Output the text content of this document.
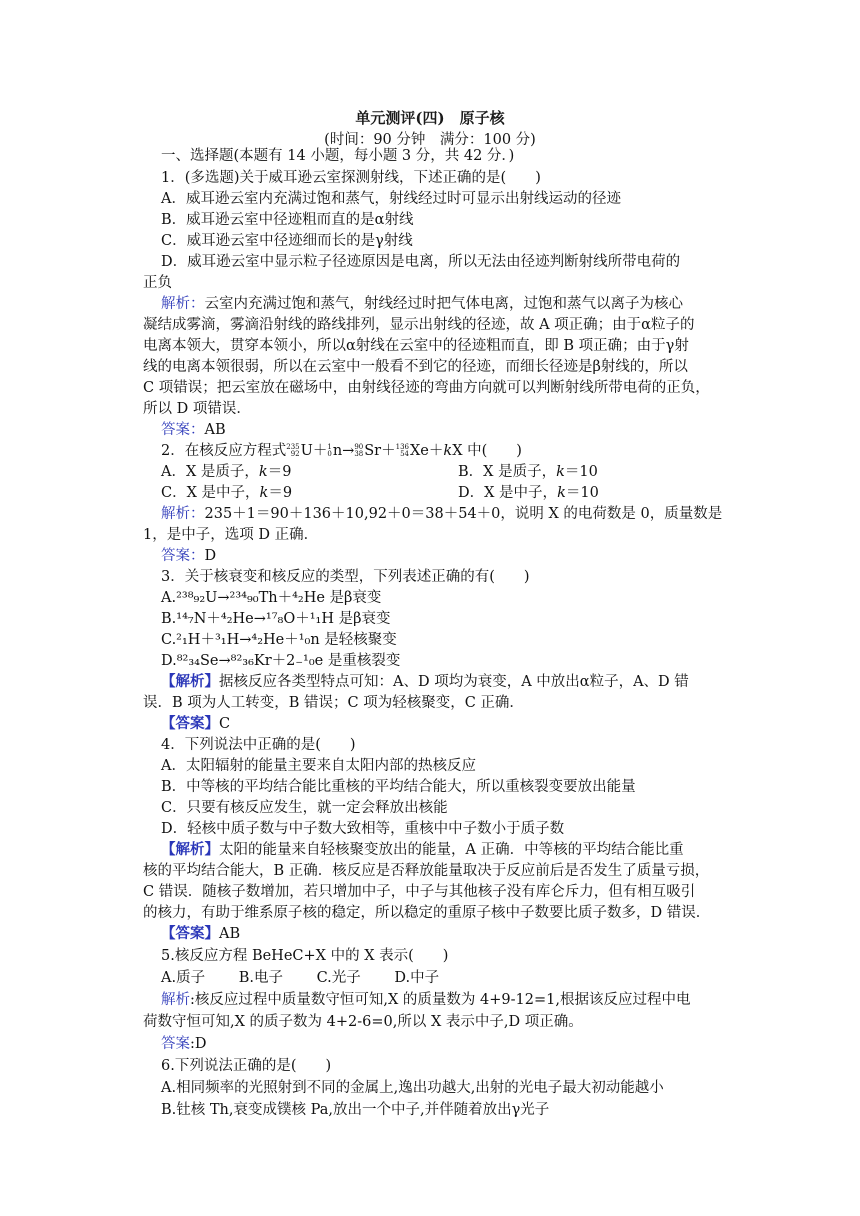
单元测评(四)　原子核
(时间：90 分钟　满分：100 分)
一、选择题(本题有 14 小题，每小题 3 分，共 42 分．)
1．(多选题)关于威耳逊云室探测射线，下述正确的是(　　)
A．威耳逊云室内充满过饱和蒸气，射线经过时可显示出射线运动的径迹
B．威耳逊云室中径迹粗而直的是α射线
C．威耳逊云室中径迹细而长的是γ射线
D．威耳逊云室中显示粒子径迹原因是电离，所以无法由径迹判断射线所带电荷的
正负
解析：云室内充满过饱和蒸气，射线经过时把气体电离，过饱和蒸气以离子为核心
凝结成雾滴，雾滴沿射线的路线排列，显示出射线的径迹，故 A 项正确；由于α粒子的
电离本领大，贯穿本领小，所以α射线在云室中的径迹粗而直，即 B 项正确；由于γ射
线的电离本领很弱，所以在云室中一般看不到它的径迹，而细长径迹是β射线的，所以
C 项错误；把云室放在磁场中，由射线径迹的弯曲方向就可以判断射线所带电荷的正负，
所以 D 项错误．
答案：AB
2．在核反应方程式 235
92 U＋ 1
0 n→ 90
38 Sr＋ 136
54 Xe＋kX 中(　　)
A．X 是质子，k＝9	B．X 是质子，k＝10
C．X 是中子，k＝9	D．X 是中子，k＝10
解析：235＋1＝90＋136＋10,92＋0＝38＋54＋0，说明 X 的电荷数是 0，质量数是
1，是中子，选项 D 正确．
答案：D
3．关于核衰变和核反应的类型，下列表述正确的有(　　)
A.²³⁸₉₂U→²³⁴₉₀Th＋⁴₂He 是β衰变
B.¹⁴₇N＋⁴₂He→¹⁷₈O＋¹₁H 是β衰变
C.²₁H＋³₁H→⁴₂He＋¹₀n 是轻核聚变
D.⁸²₃₄Se→⁸²₃₆Kr＋2₋¹₀e 是重核裂变
【解析】据核反应各类型特点可知：A、D 项均为衰变，A 中放出α粒子，A、D 错
误．B 项为人工转变，B 错误；C 项为轻核聚变，C 正确．
【答案】C
4．下列说法中正确的是(　　)
A．太阳辐射的能量主要来自太阳内部的热核反应
B．中等核的平均结合能比重核的平均结合能大，所以重核裂变要放出能量
C．只要有核反应发生，就一定会释放出核能
D．轻核中质子数与中子数大致相等，重核中中子数小于质子数
【解析】太阳的能量来自轻核聚变放出的能量，A 正确．中等核的平均结合能比重
核的平均结合能大，B 正确．核反应是否释放能量取决于反应前后是否发生了质量亏损，
C 错误．随核子数增加，若只增加中子，中子与其他核子没有库仑斥力，但有相互吸引
的核力，有助于维系原子核的稳定，所以稳定的重原子核中子数要比质子数多，D 错误．
【答案】AB
5.核反应方程 BeHeC+X 中的 X 表示(　　)
A.质子　　 B.电子　　 C.光子　　 D.中子
解析:核反应过程中质量数守恒可知,X 的质量数为 4+9-12=1,根据该反应过程中电
荷数守恒可知,X 的质子数为 4+2-6=0,所以 X 表示中子,D 项正确。
答案:D
6.下列说法正确的是(　　)
A.相同频率的光照射到不同的金属上,逸出功越大,出射的光电子最大初动能越小
B.钍核 Th,衰变成镤核 Pa,放出一个中子,并伴随着放出γ光子
